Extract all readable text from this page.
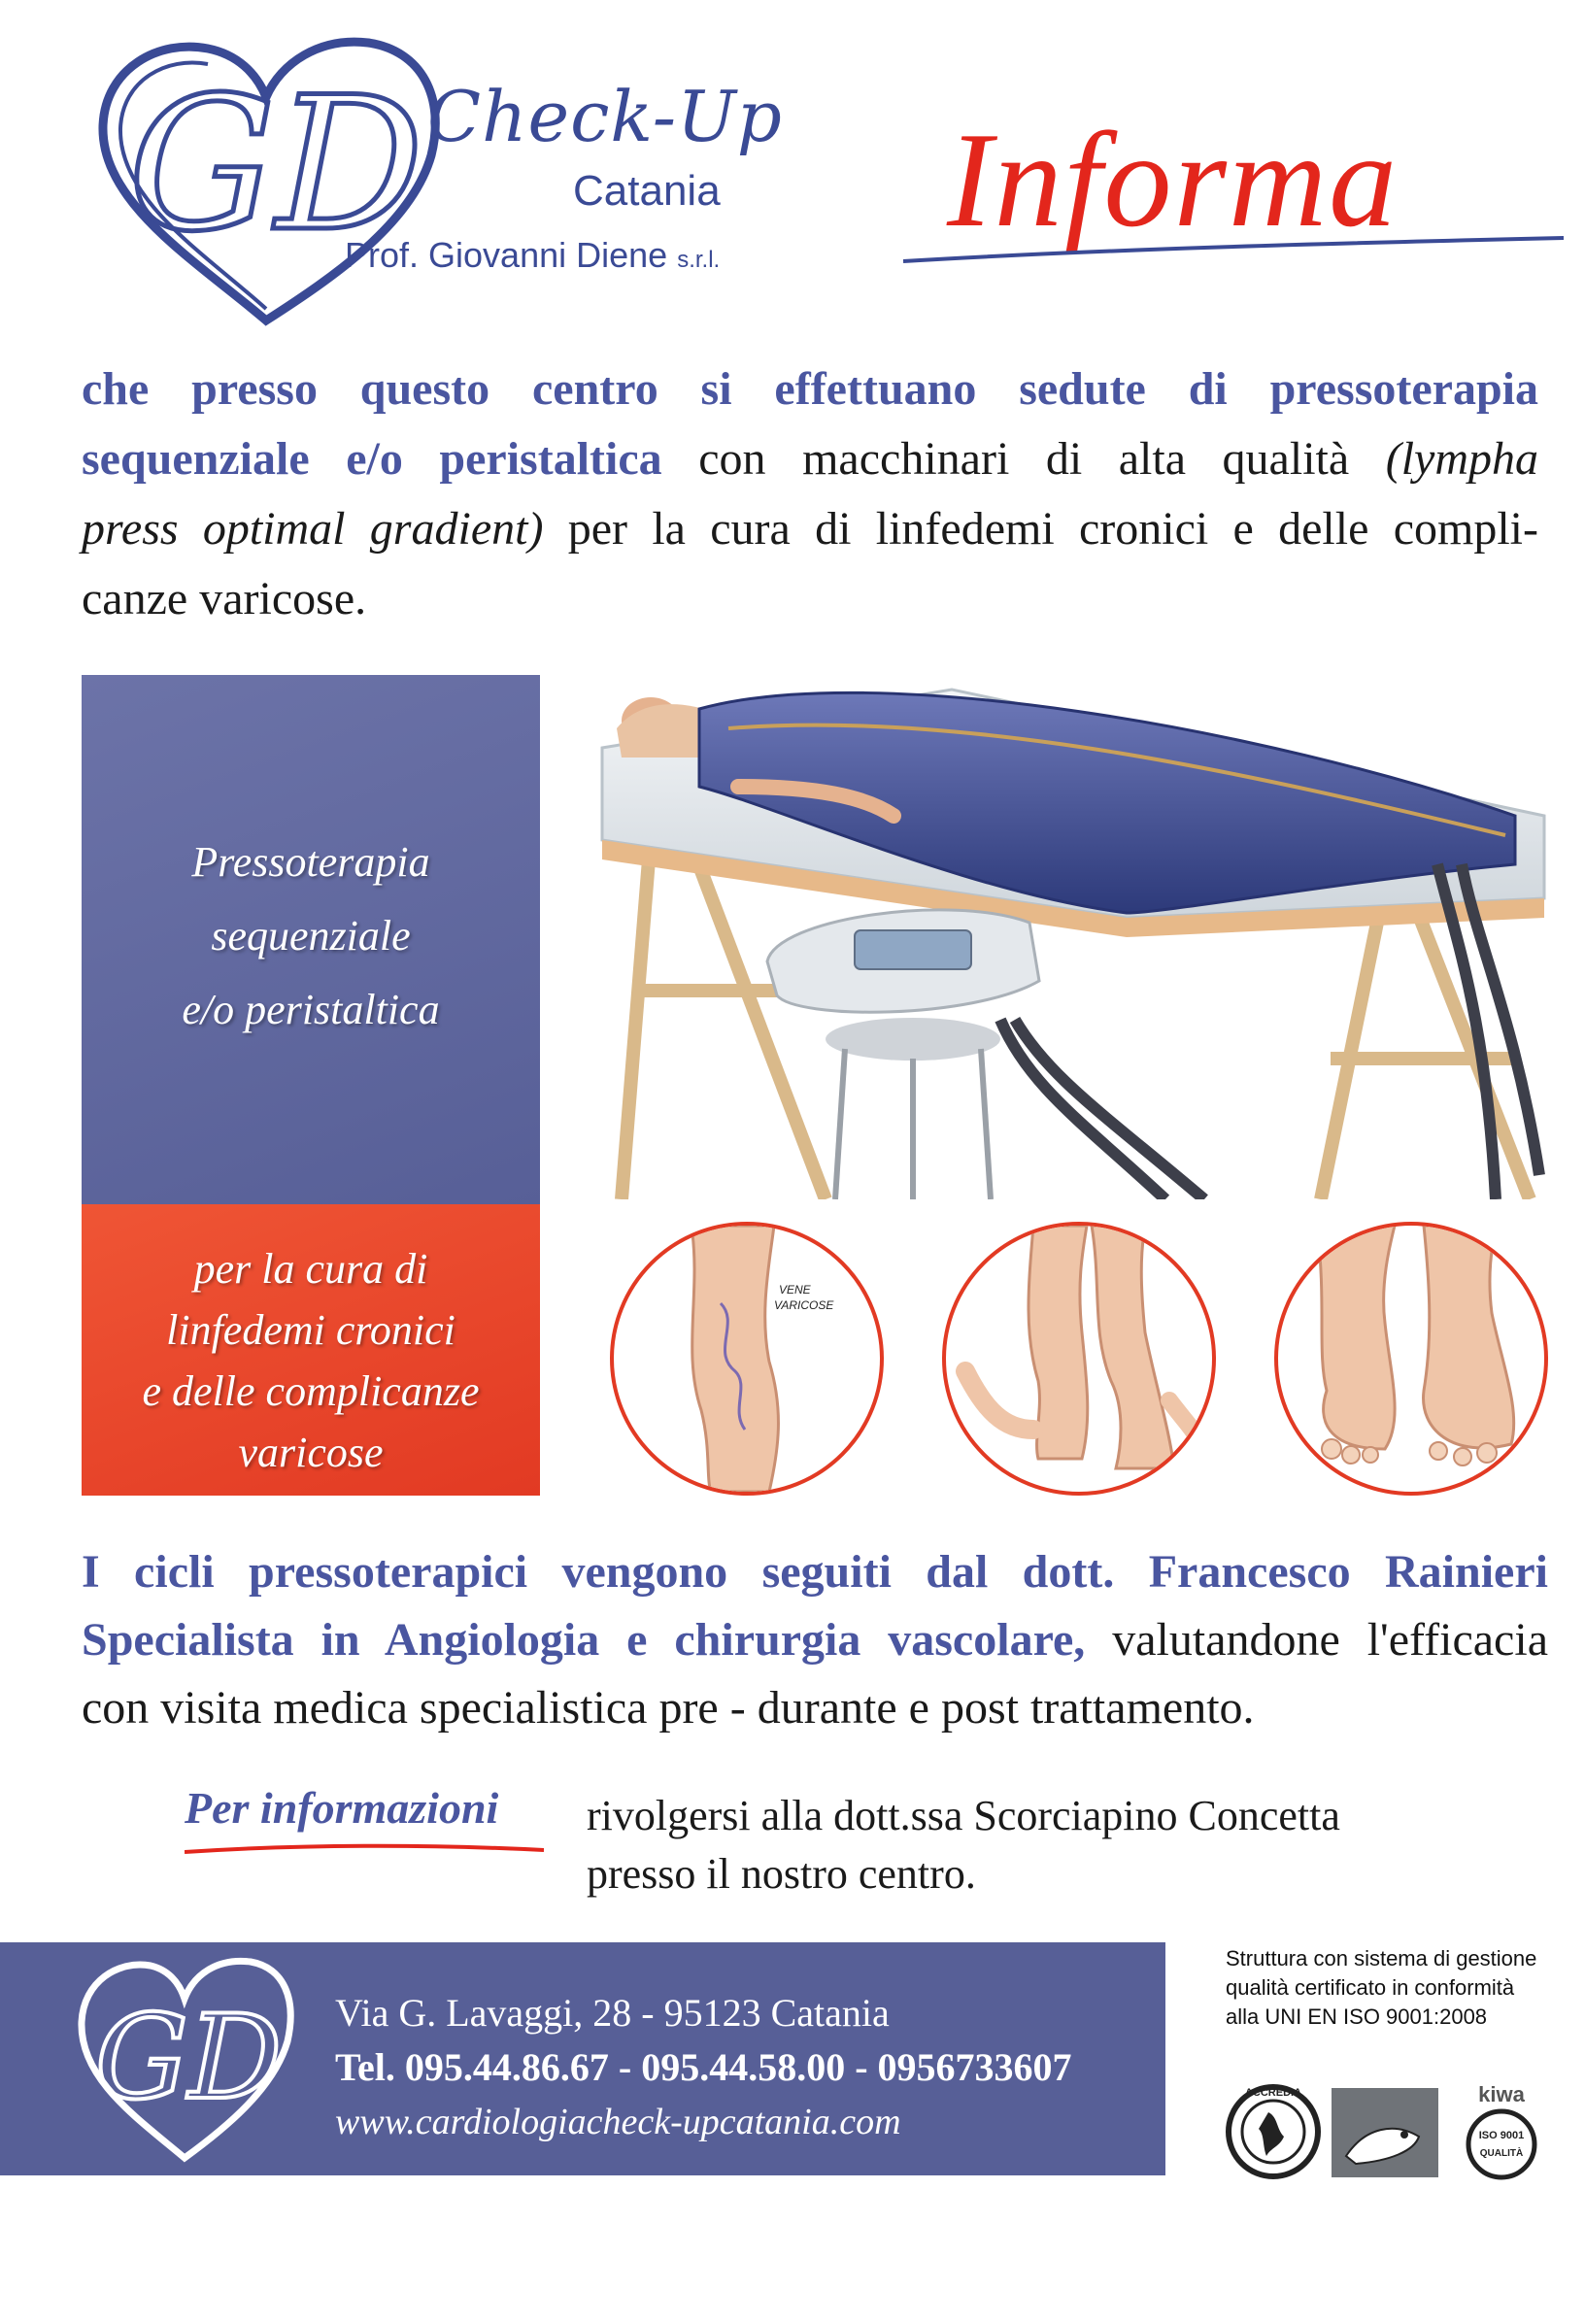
GD Check-Up
Catania
Prof. Giovanni Diene s.r.l.
Informa
che presso questo centro si effettuano sedute di pressoterapia
sequenziale e/o peristaltica con macchinari di alta qualità (lympha
press optimal gradient) per la cura di linfedemi cronici e delle compli-
canze varicose.
Pressoterapia
sequenziale
e/o peristaltica
per la cura di
linfedemi cronici
e delle complicanze
varicose
VENE
VARICOSE
I cicli pressoterapici vengono seguiti dal dott. Francesco Rainieri
Specialista in Angiologia e chirurgia vascolare, valutandone l'efficacia
con visita medica specialistica pre - durante e post trattamento.
Per informazioni rivolgersi alla dott.ssa Scorciapino Concetta
presso il nostro centro.
GD Via G. Lavaggi, 28 - 95123 Catania
Tel. 095.44.86.67 - 095.44.58.00 - 0956733607
www.cardiologiacheck-upcatania.com
Struttura con sistema di gestione
qualità certificato in conformità
alla UNI EN ISO 9001:2008
ACCREDIA	kiwa
ISO 9001
QUALITÀ
